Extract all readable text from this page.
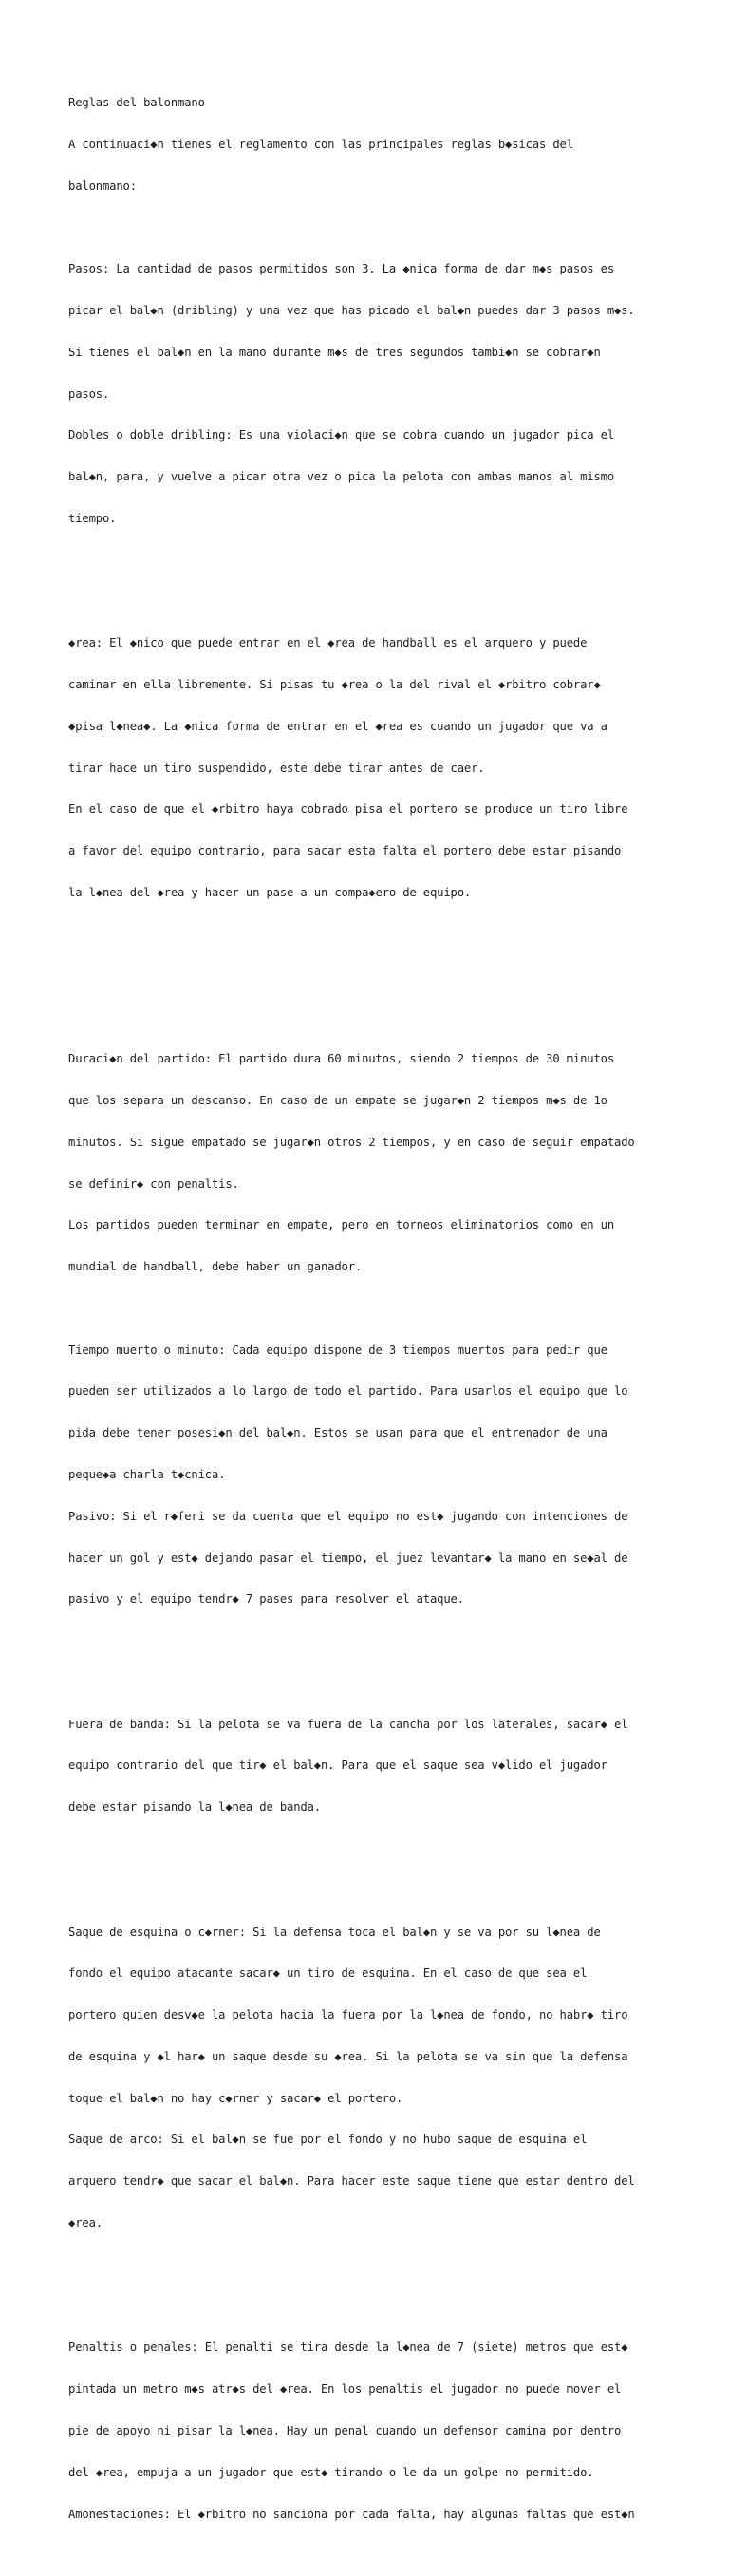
Reglas del balonmano

A continuaci◆n tienes el reglamento con las principales reglas b◆sicas del

balonmano:

Pasos: La cantidad de pasos permitidos son 3. La ◆nica forma de dar m◆s pasos es

picar el bal◆n (dribling) y una vez que has picado el bal◆n puedes dar 3 pasos m◆s.

Si tienes el bal◆n en la mano durante m◆s de tres segundos tambi◆n se cobrar◆n

pasos.

Dobles o doble dribling: Es una violaci◆n que se cobra cuando un jugador pica el

bal◆n, para, y vuelve a picar otra vez o pica la pelota con ambas manos al mismo

tiempo.

◆rea: El ◆nico que puede entrar en el ◆rea de handball es el arquero y puede

caminar en ella libremente. Si pisas tu ◆rea o la del rival el ◆rbitro cobrar◆

◆pisa l◆nea◆. La ◆nica forma de entrar en el ◆rea es cuando un jugador que va a

tirar hace un tiro suspendido, este debe tirar antes de caer.

En el caso de que el ◆rbitro haya cobrado pisa el portero se produce un tiro libre

a favor del equipo contrario, para sacar esta falta el portero debe estar pisando

la l◆nea del ◆rea y hacer un pase a un compa◆ero de equipo.

Duraci◆n del partido: El partido dura 60 minutos, siendo 2 tiempos de 30 minutos

que los separa un descanso. En caso de un empate se jugar◆n 2 tiempos m◆s de 1o

minutos. Si sigue empatado se jugar◆n otros 2 tiempos, y en caso de seguir empatado

se definir◆ con penaltis.

Los partidos pueden terminar en empate, pero en torneos eliminatorios como en un

mundial de handball, debe haber un ganador.

Tiempo muerto o minuto: Cada equipo dispone de 3 tiempos muertos para pedir que

pueden ser utilizados a lo largo de todo el partido. Para usarlos el equipo que lo

pida debe tener posesi◆n del bal◆n. Estos se usan para que el entrenador de una

peque◆a charla t◆cnica.

Pasivo: Si el r◆feri se da cuenta que el equipo no est◆ jugando con intenciones de

hacer un gol y est◆ dejando pasar el tiempo, el juez levantar◆ la mano en se◆al de

pasivo y el equipo tendr◆ 7 pases para resolver el ataque.

Fuera de banda: Si la pelota se va fuera de la cancha por los laterales, sacar◆ el

equipo contrario del que tir◆ el bal◆n. Para que el saque sea v◆lido el jugador

debe estar pisando la l◆nea de banda.

Saque de esquina o c◆rner: Si la defensa toca el bal◆n y se va por su l◆nea de

fondo el equipo atacante sacar◆ un tiro de esquina. En el caso de que sea el

portero quien desv◆e la pelota hacia la fuera por la l◆nea de fondo, no habr◆ tiro

de esquina y ◆l har◆ un saque desde su ◆rea. Si la pelota se va sin que la defensa

toque el bal◆n no hay c◆rner y sacar◆ el portero.

Saque de arco: Si el bal◆n se fue por el fondo y no hubo saque de esquina el

arquero tendr◆ que sacar el bal◆n. Para hacer este saque tiene que estar dentro del

◆rea.

Penaltis o penales: El penalti se tira desde la l◆nea de 7 (siete) metros que est◆

pintada un metro m◆s atr◆s del ◆rea. En los penaltis el jugador no puede mover el

pie de apoyo ni pisar la l◆nea. Hay un penal cuando un defensor camina por dentro

del ◆rea, empuja a un jugador que est◆ tirando o le da un golpe no permitido.

Amonestaciones: El ◆rbitro no sanciona por cada falta, hay algunas faltas que est◆n
